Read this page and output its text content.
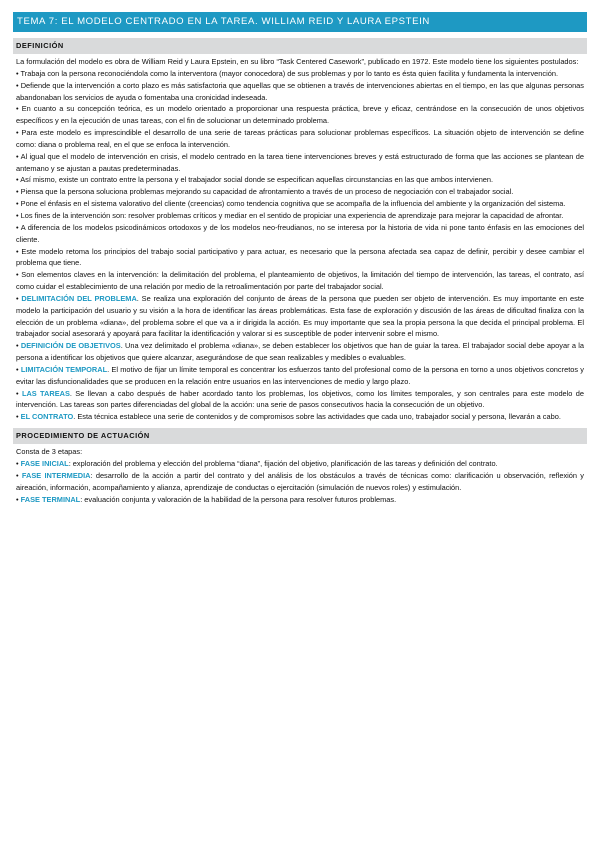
TEMA 7: EL MODELO CENTRADO EN LA TAREA. WILLIAM REID Y LAURA EPSTEIN
DEFINICIÓN

La formulación del modelo es obra de William Reid y Laura Epstein, en su libro “Task Centered Casework”, publicado en 1972. Este modelo tiene los siguientes postulados:

• Trabaja con la persona reconociéndola como la interventora (mayor conocedora) de sus problemas y por lo tanto es ésta quien facilita y fundamenta la intervención.

• Defiende que la intervención a corto plazo es más satisfactoria que aquellas que se obtienen a través de intervenciones abiertas en el tiempo, en las que algunas personas abandonaban los servicios de ayuda o fomentaba una cronicidad indeseada.

• En cuanto a su concepción teórica, es un modelo orientado a proporcionar una respuesta práctica, breve y eficaz, centrándose en la consecución de unos objetivos específicos y en la ejecución de unas tareas, con el fin de solucionar un determinado problema.

• Para este modelo es imprescindible el desarrollo de una serie de tareas prácticas para solucionar problemas específicos. La situación objeto de intervención se define como: diana o problema real, en el que se enfoca la intervención.

• Al igual que el modelo de intervención en crisis, el modelo centrado en la tarea tiene intervenciones breves y está estructurado de forma que las acciones se plantean de antemano y se ajustan a pautas predeterminadas.

• Así mismo, existe un contrato entre la persona y el trabajador social donde se especifican aquellas circunstancias en las que ambos intervienen.

• Piensa que la persona soluciona problemas mejorando su capacidad de afrontamiento a través de un proceso de negociación con el trabajador social.

• Pone el énfasis en el sistema valorativo del cliente (creencias) como tendencia cognitiva que se acompaña de la influencia del ambiente y la organización del sistema.

• Los fines de la intervención son: resolver problemas críticos y mediar en el sentido de propiciar una experiencia de aprendizaje para mejorar la capacidad de afrontar.

• A diferencia de los modelos psicodinámicos ortodoxos y de los modelos neo-freudianos, no se interesa por la historia de vida ni pone tanto énfasis en las emociones del cliente.

• Este modelo retoma los principios del trabajo social participativo y para actuar, es necesario que la persona afectada sea capaz de definir, percibir y desee cambiar el problema que tiene.

• Son elementos claves en la intervención: la delimitación del problema, el planteamiento de objetivos, la limitación del tiempo de intervención, las tareas, el contrato, así como cuidar el establecimiento de una relación por medio de la retroalimentación por parte del trabajador social.

• DELIMITACIÓN DEL PROBLEMA. Se realiza una exploración del conjunto de áreas de la persona que pueden ser objeto de intervención. Es muy importante en este modelo la participación del usuario y su visión a la hora de identificar las áreas problemáticas. Esta fase de exploración y discusión de las áreas de dificultad finaliza con la elección de un problema «diana», del problema sobre el que va a ir dirigida la acción. Es muy importante que sea la propia persona la que decida el principal problema. El trabajador social asesorará y apoyará para facilitar la identificación y valorar si es susceptible de poder intervenir sobre el mismo.

• DEFINICIÓN DE OBJETIVOS. Una vez delimitado el problema «diana», se deben establecer los objetivos que han de guiar la tarea. El trabajador social debe apoyar a la persona a identificar los objetivos que quiere alcanzar, asegurándose de que sean realizables y medibles o evaluables.

• LIMITACIÓN TEMPORAL. El motivo de fijar un límite temporal es concentrar los esfuerzos tanto del profesional como de la persona en torno a unos objetivos concretos y evitar las disfuncionalidades que se producen en la relación entre usuarios en las intervenciones de medio y largo plazo.

• LAS TAREAS. Se llevan a cabo después de haber acordado tanto los problemas, los objetivos, como los límites temporales, y son centrales para este modelo de intervención. Las tareas son partes diferenciadas del global de la acción: una serie de pasos consecutivos hacia la consecución de un objetivo.

• EL CONTRATO. Esta técnica establece una serie de contenidos y de compromisos sobre las actividades que cada uno, trabajador social y persona, llevarán a cabo.

PROCEDIMIENTO DE ACTUACIÓN

Consta de 3 etapas:

• FASE INICIAL: exploración del problema y elección del problema “diana”, fijación del objetivo, planificación de las tareas y definición del contrato.

• FASE INTERMEDIA: desarrollo de la acción a partir del contrato y del análisis de los obstáculos a través de técnicas como: clarificación u observación, reflexión y aireación, información, acompañamiento y alianza, aprendizaje de conductas o ejercitación (simulación de nuevos roles) y estimulación.

• FASE TERMINAL: evaluación conjunta y valoración de la habilidad de la persona para resolver futuros problemas.
